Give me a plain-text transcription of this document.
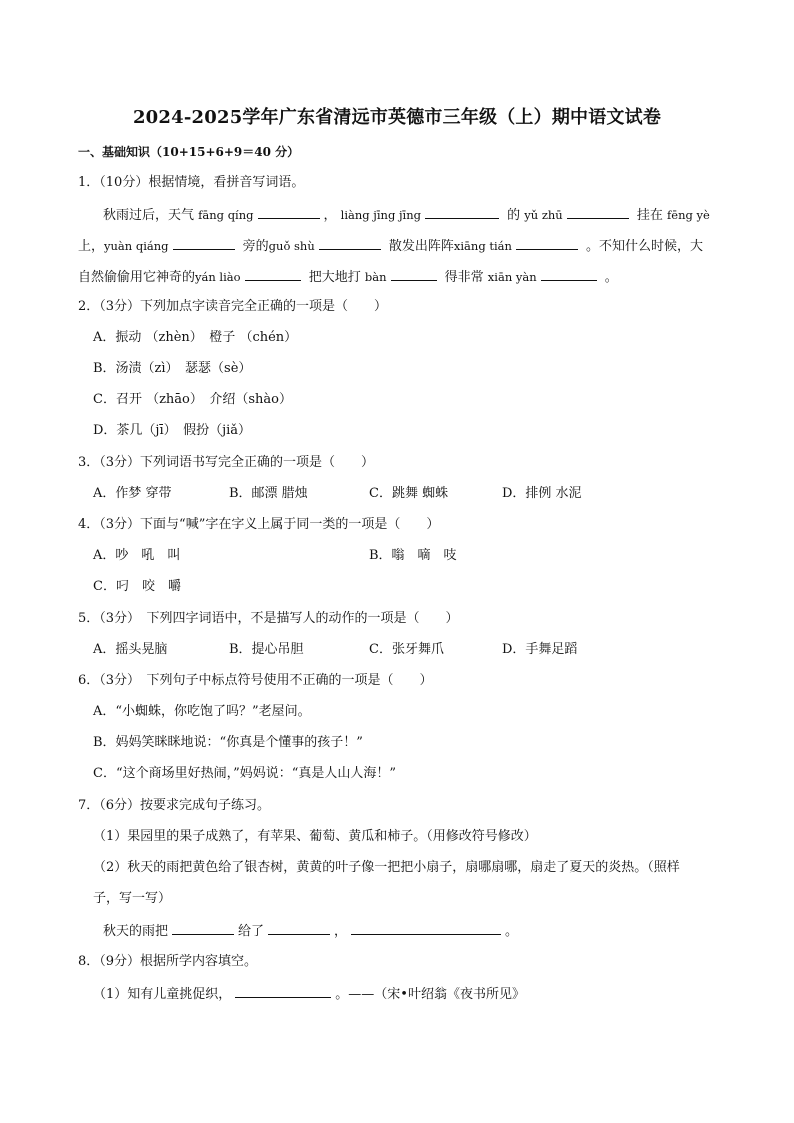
2024-2025学年广东省清远市英德市三年级（上）期中语文试卷
一、基础知识（10+15+6+9＝40 分）
1．（10分）根据情境，看拼音写词语。
秋雨过后，天气 fāng qíng	， liàng jīng jīng	的 yǔ zhū	挂在 fēng yè
上，yuàn qiáng	旁的guǒ shù	散发出阵阵xiāng tián	。不知什么时候，大
自然偷偷用它神奇的yán liào	把大地打 bàn	得非常 xiān yàn	。
2．（3分）下列加点字读音完全正确的一项是（　　）
A．振动 （zhèn）　橙子 （chén）
B．汤渍（zì）　瑟瑟（sè）
C．召开 （zhāo）　介绍（shào）
D．茶几（jī）　假扮（jiǎ）
3．（3分）下列词语书写完全正确的一项是（　　）
A．作梦 穿带	B．邮漂 腊烛	C．跳舞 蜘蛛	D．排例 水泥
4．（3分）下面与“喊”字在字义上属于同一类的一项是（　　）
A．吵　吼　叫	B．嗡　嘀　吱
C．叼　咬　嚼
5．（3分）　下列四字词语中，不是描写人的动作的一项是（　　）
A．摇头晃脑	B．提心吊胆	C．张牙舞爪	D．手舞足蹈
6．（3分）　下列句子中标点符号使用不正确的一项是（　　）
A．“小蜘蛛，你吃饱了吗？”老屋问。
B．妈妈笑眯眯地说：“你真是个懂事的孩子！”
C．“这个商场里好热闹，”妈妈说：“真是人山人海！”
7．（6分）按要求完成句子练习。
（1）果园里的果子成熟了，有苹果、葡萄、黄瓜和柿子。（用修改符号修改）
（2）秋天的雨把黄色给了银杏树，黄黄的叶子像一把把小扇子，扇哪扇哪，扇走了夏天的炎热。（照样
子，写一写）
秋天的雨把	给了	，	。
8．（9分）根据所学内容填空。
（1）知有儿童挑促织，	。——（宋•叶绍翁《夜书所见》
